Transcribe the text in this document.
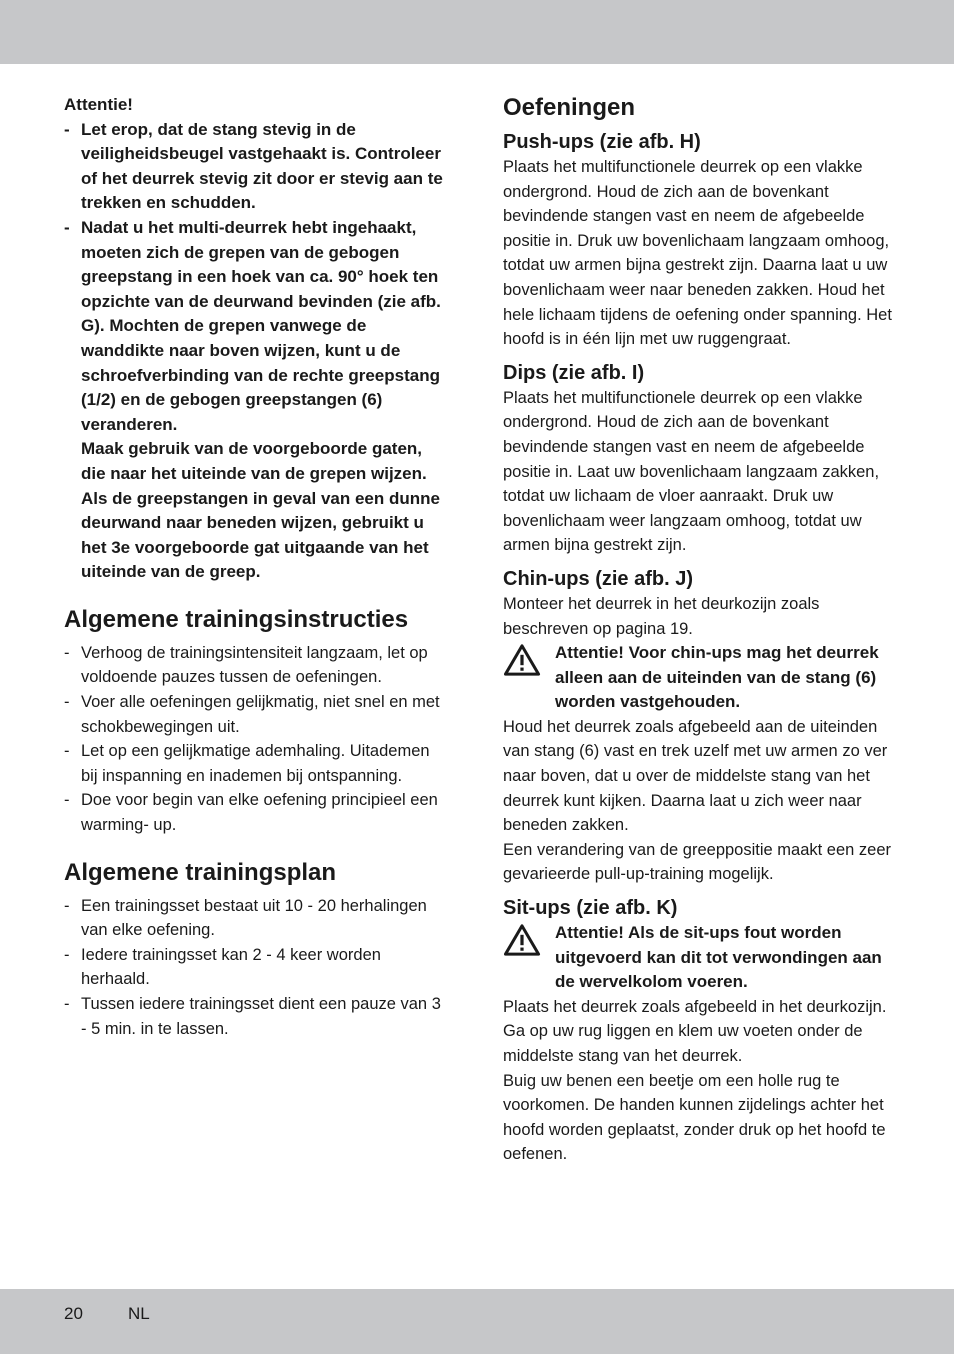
Attentie!

- Let erop, dat de stang stevig in de veiligheidsbeugel vastgehaakt is. Controleer of het deurrek stevig zit door er stevig aan te trekken en schudden.
- Nadat u het multi-deurrek hebt ingehaakt, moeten zich de grepen van de gebogen greepstang in een hoek van ca. 90° hoek ten opzichte van de deurwand bevinden (zie afb. G). Mochten de grepen vanwege de wanddikte naar boven wijzen, kunt u de schroefverbinding van de rechte greepstang (1/2) en de gebogen greepstangen (6) veranderen.
Maak gebruik van de voorgeboorde gaten, die naar het uiteinde van de grepen wijzen.
Als de greepstangen in geval van een dunne deurwand naar beneden wijzen, gebruikt u het 3e voorgeboorde gat uitgaande van het uiteinde van de greep.
Algemene trainingsinstructies
- Verhoog de trainingsintensiteit langzaam, let op voldoende pauzes tussen de oefeningen.
- Voer alle oefeningen gelijkmatig, niet snel en met schokbewegingen uit.
- Let op een gelijkmatige ademhaling. Uitademen bij inspanning en inademen bij ontspanning.
- Doe voor begin van elke oefening principieel een warming- up.
Algemene trainingsplan
- Een trainingsset bestaat uit 10 - 20 herhalingen van elke oefening.
- Iedere trainingsset kan 2 - 4 keer worden herhaald.
- Tussen iedere trainingsset dient een pauze van 3 - 5 min. in te lassen.
Oefeningen
Push-ups (zie afb. H)

Plaats het multifunctionele deurrek op een vlakke ondergrond. Houd de zich aan de bovenkant bevindende stangen vast en neem de afgebeelde positie in. Druk uw bovenlichaam langzaam omhoog, totdat uw armen bijna gestrekt zijn. Daarna laat u uw bovenlichaam weer naar beneden zakken. Houd het hele lichaam tijdens de oefening onder spanning. Het hoofd is in één lijn met uw ruggengraat.

Dips (zie afb. I)

Plaats het multifunctionele deurrek op een vlakke ondergrond. Houd de zich aan de bovenkant bevindende stangen vast en neem de afgebeelde positie in. Laat uw bovenlichaam langzaam zakken, totdat uw lichaam de vloer aanraakt. Druk uw bovenlichaam weer langzaam omhoog, totdat uw armen bijna gestrekt zijn.

Chin-ups (zie afb. J)

Monteer het deurrek in het deurkozijn zoals beschreven op pagina 19.

Attentie! Voor chin-ups mag het deurrek alleen aan de uiteinden van de stang (6) worden vastgehouden.

Houd het deurrek zoals afgebeeld aan de uiteinden van stang (6) vast en trek uzelf met uw armen zo ver naar boven, dat u over de middelste stang van het deurrek kunt kijken. Daarna laat u zich weer naar beneden zakken.

Een verandering van de greeppositie maakt een zeer gevarieerde pull-up-training mogelijk.

Sit-ups (zie afb. K)

Attentie! Als de sit-ups fout worden uitgevoerd kan dit tot verwondingen aan de wervelkolom voeren.

Plaats het deurrek zoals afgebeeld in het deurkozijn. Ga op uw rug liggen en klem uw voeten onder de middelste stang van het deurrek.

Buig uw benen een beetje om een holle rug te voorkomen. De handen kunnen zijdelings achter het hoofd worden geplaatst, zonder druk op het hoofd te oefenen.

20	NL
